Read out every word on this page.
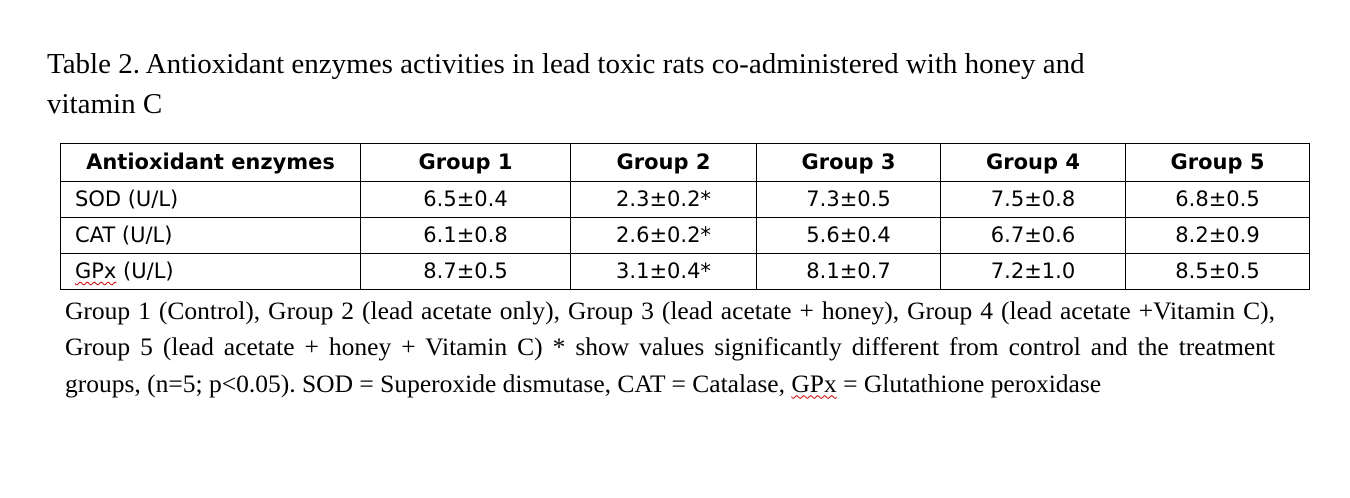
Table 2. Antioxidant enzymes activities in lead toxic rats co-administered with honey and
vitamin C

Antioxidant enzymes	Group 1	Group 2	Group 3	Group 4	Group 5
SOD (U/L)	6.5±0.4	2.3±0.2*	7.3±0.5	7.5±0.8	6.8±0.5
CAT (U/L)	6.1±0.8	2.6±0.2*	5.6±0.4	6.7±0.6	8.2±0.9
GPx (U/L)	8.7±0.5	3.1±0.4*	8.1±0.7	7.2±1.0	8.5±0.5

Group 1 (Control), Group 2 (lead acetate only), Group 3 (lead acetate + honey), Group 4 (lead acetate +Vitamin C), Group 5 (lead acetate + honey + Vitamin C) * show values significantly different from control and the treatment groups, (n=5; p<0.05). SOD = Superoxide dismutase, CAT = Catalase, GPx = Glutathione peroxidase
